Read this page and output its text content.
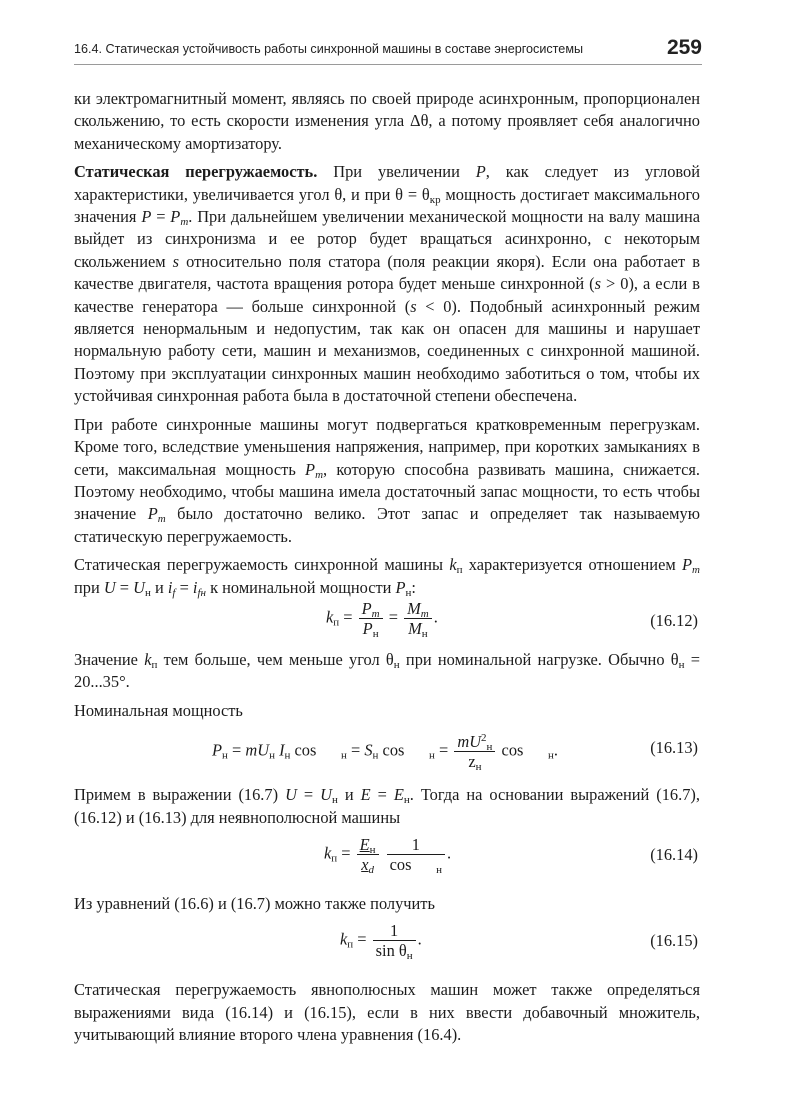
16.4. Статическая устойчивость работы синхронной машины в составе энергосистемы	259

ки электромагнитный момент, являясь по своей природе асинхронным, пропорционален скольжению, то есть скорости изменения угла Δθ, а потому проявляет себя аналогично механическому амортизатору.

Статическая перегружаемость. При увеличении P, как следует из угловой характеристики, увеличивается угол θ, и при $\theta = \theta_{кр}$ мощность достигает максимального значения $P = P_m$. При дальнейшем увеличении механической мощности на валу машина выйдет из синхронизма и ее ротор будет вращаться асинхронно, с некоторым скольжением s относительно поля статора (поля реакции якоря). Если она работает в качестве двигателя, частота вращения ротора будет меньше синхронной (s > 0), а если в качестве генератора — больше синхронной (s < 0). Подобный асинхронный режим является ненормальным и недопустим, так как он опасен для машины и нарушает нормальную работу сети, машин и механизмов, соединенных с синхронной машиной. Поэтому при эксплуатации синхронных машин необходимо заботиться о том, чтобы их устойчивая синхронная работа была в достаточной степени обеспечена.

При работе синхронные машины могут подвергаться кратковременным перегрузкам. Кроме того, вследствие уменьшения напряжения, например, при коротких замыканиях в сети, максимальная мощность $P_m$, которую способна развивать машина, снижается. Поэтому необходимо, чтобы машина имела достаточный запас мощности, то есть чтобы значение $P_m$ было достаточно велико. Этот запас и определяет так называемую статическую перегружаемость.

Статическая перегружаемость синхронной машины $k_п$ характеризуется отношением $P_m$ при $U = U_н$ и $i_f = i_{fн}$ к номинальной мощности $P_н$:

$k_п = \frac{P_m}{P_н} = \frac{M_m}{M_н}$ .	(16.12)

Значение $k_п$ тем больше, чем меньше угол $\theta_н$ при номинальной нагрузке. Обычно $\theta_н = 20...35^\circ$.

Номинальная мощность

$P_н = mU_н$ $I_н$ cos   $_н = S_н$ cos   $_н = \frac{mU^2_н}{z_н}$ cos   $_н$.	(16.13)

Примем в выражении (16.7) $U = U_н$ и $E = E_н$. Тогда на основании выражений (16.7), (16.12) и (16.13) для неявнополюсной машины

$k_п = \frac{E_н}{x_d}$
$\frac{1}{\cos _н}$ .	(16.14)

Из уравнений (16.6) и (16.7) можно также получить

$k_п = \frac{1}{\sin \theta_н}$ .	(16.15)

Статическая перегружаемость явнополюсных машин может также определяться выражениями вида (16.14) и (16.15), если в них ввести добавочный множитель, учитывающий влияние второго члена уравнения (16.4).
